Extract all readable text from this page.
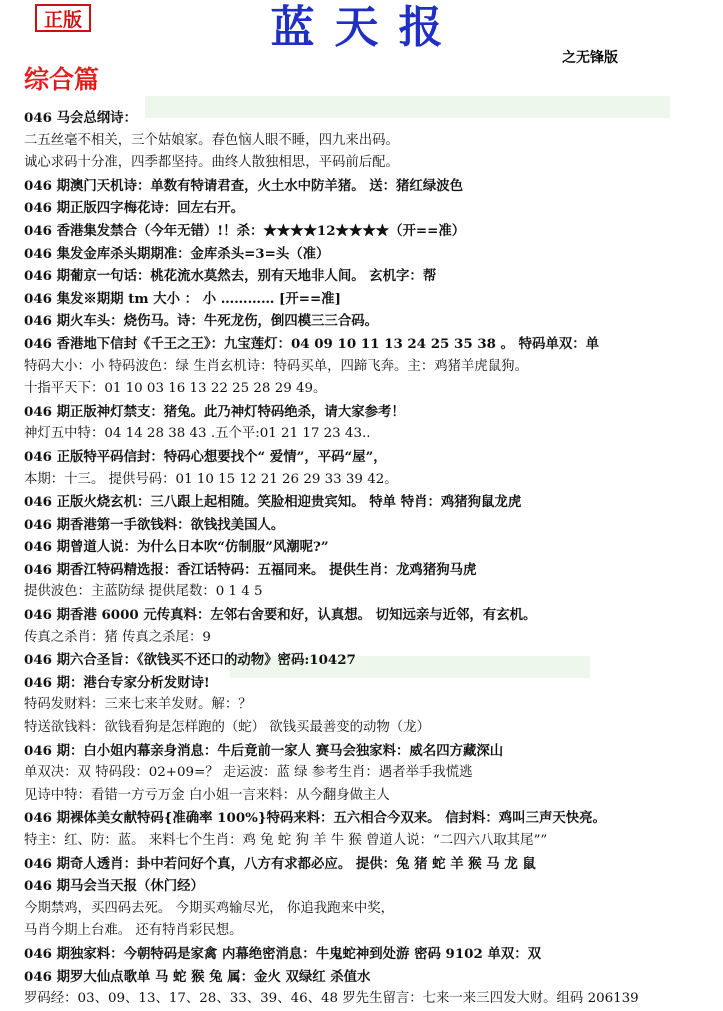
正版	蓝天报
之无锋版
综合篇
046 马会总纲诗：
二五丝毫不相关，三个姑娘家。春色恼人眼不睡，四九来出码。
诚心求码十分准，四季都坚持。曲终人散独相思，平码前后配。
046 期澳门天机诗：单数有特请君查，火土水中防羊猪。 送：猪红绿波色
046 期正版四字梅花诗：回左右开。
046 香港集发禁合（今年无错）!！杀：★★★★12★★★★（开==准）
046 集发金库杀头期期准：金库杀头=3=头（准）
046 期葡京一句话：桃花流水莫然去，别有天地非人间。 玄机字：帮
046 集发※期期 tm 大小 ： 小 ………… [开==准]
046 期火车头：烧伤马。诗：牛死龙伤，倒四模三三合码。
046 香港地下信封《千王之王》：九宝莲灯：04 09 10 11 13 24 25 35 38 。 特码单双：单
特码大小：小 特码波色：绿 生肖玄机诗：特码买单，四蹄飞奔。主：鸡猪羊虎鼠狗。
十指平天下：01 10 03 16 13 22 25 28 29 49。
046 期正版神灯禁支：猪兔。此乃神灯特码绝杀，请大家参考！
神灯五中特：04 14 28 38 43 .五个平:01 21 17 23 43..
046 正版特平码信封：特码心想要找个“ 爱情”，平码“屋”，
本期：十三。 提供号码：01 10 15 12 21 26 29 33 39 42。
046 正版火烧玄机：三八跟上起相随。笑脸相迎贵宾知。 特单 特肖：鸡猪狗鼠龙虎
046 期香港第一手欲钱料：欲钱找美国人。
046 期曾道人说：为什么日本吹“仿制服”风潮呢?”
046 期香江特码精选报：香江话特码：五福同来。 提供生肖：龙鸡猪狗马虎
提供波色：主蓝防绿 提供尾数：0 1 4 5
046 期香港 6000 元传真料：左邻右舍要和好，认真想。 切知远亲与近邻，有玄机。
传真之杀肖：猪 传真之杀尾：9
046 期六合圣旨：《欲钱买不还口的动物》密码:10427
046 期：港台专家分析发财诗!
特码发财料：三来七来羊发财。解：？
特送欲钱料：欲钱看狗是怎样跑的（蛇） 欲钱买最善变的动物（龙）
046 期：白小姐内幕亲身消息：牛后竟前一家人 赛马会独家料：威名四方藏深山
单双决：双 特码段：02+09=？ 走运波：蓝 绿 参考生肖：遇者举手我慌逃
见诗中特：看错一方亏万金 白小姐一言来料：从今翻身做主人
046 期裸体美女献特码{准确率 100%}特码来料：五六相合今双来。 信封料：鸡叫三声天快亮。
特主：红、防：蓝。 来料七个生肖：鸡 兔 蛇 狗 羊 牛 猴 曾道人说：“二四六八取其尾””
046 期奇人透肖：卦中若问好个真，八方有求都必应。 提供：兔 猪 蛇 羊 猴 马 龙 鼠
046 期马会当天报（休门经）
今期禁鸡，买四码去死。 今期买鸡输尽光， 你追我跑来中奖，
马肖今期上台难。 还有特肖彩民想。
046 期独家料：今朝特码是家禽 内幕绝密消息：牛鬼蛇神到处游 密码 9102 单双：双
046 期罗大仙点歌单 马 蛇 猴 兔 属：金火 双绿红 杀值水
罗码经：03、09、13、17、28、33、39、46、48 罗先生留言：七来一来三四发大财。组码 206139
